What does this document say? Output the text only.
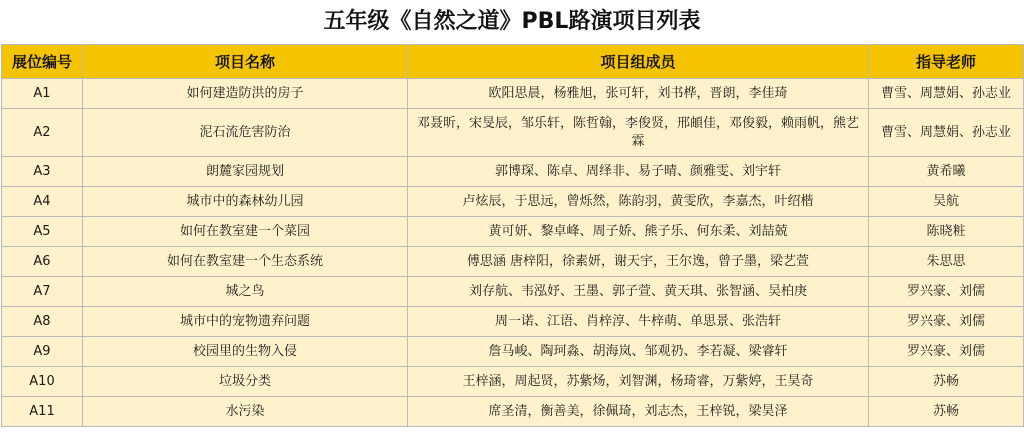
五年级《自然之道》PBL路演项目列表
展位编号	项目名称	项目组成员	指导老师
A1	如何建造防洪的房子	欧阳思晨，杨雅旭，张可轩，刘书桦，晋朗，李佳琦	曹雪、周慧娟、孙志业
A2	泥石流危害防治	邓聂昕，宋旻辰，邹乐轩，陈哲翰，李俊贤，邢頔佳，邓俊毅，赖雨帆，熊艺霖	曹雪、周慧娟、孙志业
A3	朗麓家园规划	郭博琛、陈卓、周绎非、易子晴、颜雅雯、刘宇轩	黄希曦
A4	城市中的森林幼儿园	卢炫辰，于思远，曾烁然，陈韵羽，黄雯欣，李嘉杰，叶绍楷	吴航
A5	如何在教室建一个菜园	黄可妍、黎卓峰、周子娇、熊子乐、何东柔、刘喆兢	陈晓粧
A6	如何在教室建一个生态系统	傅思涵 唐梓阳，徐素妍，谢天宇，王尔逸，曾子墨，梁艺萱	朱思思
A7	城之鸟	刘存航、韦泓妤、王墨、郭子萱、黄天琪、张智涵、吴柏庚	罗兴豪、刘儒
A8	城市中的宠物遗弃问题	周一诺、江语、肖梓淳、牛梓萌、单思景、张浩轩	罗兴豪、刘儒
A9	校园里的生物入侵	詹马峻、陶珂淼、胡海岚、邹观礽、李若凝、梁睿轩	罗兴豪、刘儒
A10	垃圾分类	王梓涵，周起贤，苏紫炀，刘智渊，杨琦睿，万紫婷，王昊奇	苏畅
A11	水污染	席圣清，衡善美，徐佩琦，刘志杰，王梓锐，梁昊泽	苏畅
